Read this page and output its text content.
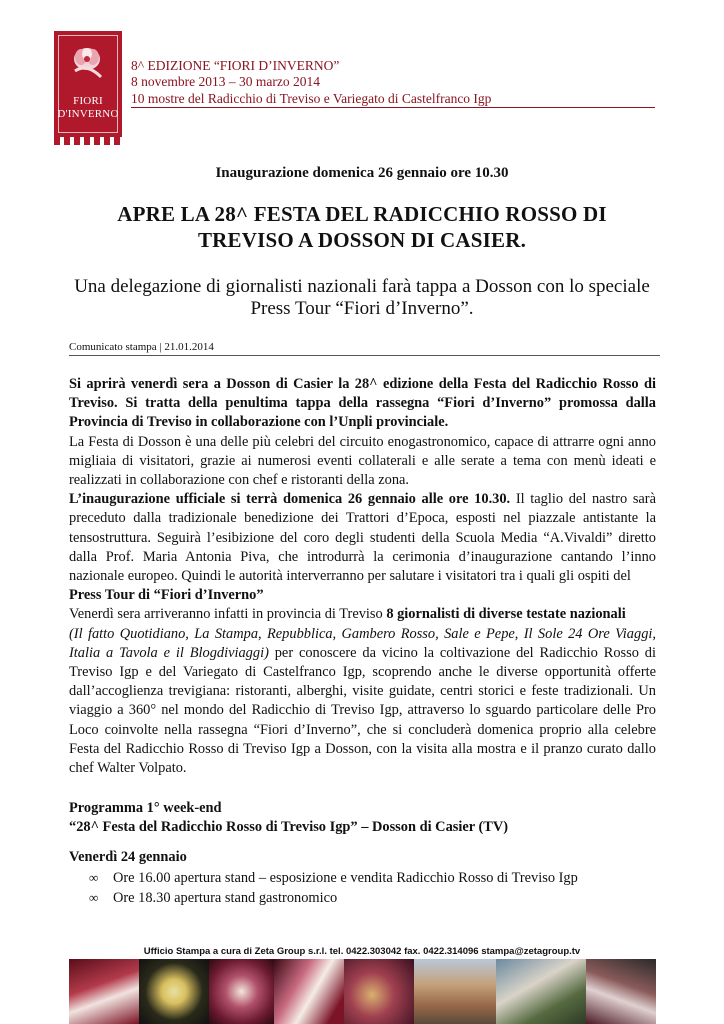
FIORI
D'INVERNO
8^ EDIZIONE “FIORI D’INVERNO”
8 novembre 2013 – 30 marzo 2014
10 mostre del Radicchio di Treviso e Variegato di Castelfranco Igp
Inaugurazione domenica 26 gennaio ore 10.30
APRE LA 28^ FESTA DEL RADICCHIO ROSSO DI
TREVISO A DOSSON DI CASIER.
Una delegazione di giornalisti nazionali farà tappa a Dosson con lo speciale
Press Tour “Fiori d’Inverno”.
Comunicato stampa | 21.01.2014

Si aprirà venerdì sera a Dosson di Casier la 28^ edizione della Festa del Radicchio Rosso di Treviso. Si tratta della penultima tappa della rassegna “Fiori d’Inverno” promossa dalla Provincia di Treviso in collaborazione con l’Unpli provinciale.

La Festa di Dosson è una delle più celebri del circuito enogastronomico, capace di attrarre ogni anno migliaia di visitatori, grazie ai numerosi eventi collaterali e alle serate a tema con menù ideati e realizzati in collaborazione con chef e ristoranti della zona.

L’inaugurazione ufficiale si terrà domenica 26 gennaio alle ore 10.30. Il taglio del nastro sarà preceduto dalla tradizionale benedizione dei Trattori d’Epoca, esposti nel piazzale antistante la tensostruttura. Seguirà l’esibizione del coro degli studenti della Scuola Media “A.Vivaldi” diretto dalla Prof. Maria Antonia Piva, che introdurrà la cerimonia d’inaugurazione cantando l’inno nazionale europeo. Quindi le autorità interverranno per salutare i visitatori tra i quali gli ospiti del

Press Tour di “Fiori d’Inverno”

Venerdì sera arriveranno infatti in provincia di Treviso 8 giornalisti di diverse testate nazionali
(Il fatto Quotidiano, La Stampa, Repubblica, Gambero Rosso, Sale e Pepe, Il Sole 24 Ore Viaggi, Italia a Tavola e il Blogdiviaggi) per conoscere da vicino la coltivazione del Radicchio Rosso di Treviso Igp e del Variegato di Castelfranco Igp, scoprendo anche le diverse opportunità offerte dall’accoglienza trevigiana: ristoranti, alberghi, visite guidate, centri storici e feste tradizionali. Un viaggio a 360° nel mondo del Radicchio di Treviso Igp, attraverso lo sguardo particolare delle Pro Loco coinvolte nella rassegna “Fiori d’Inverno”, che si concluderà domenica proprio alla celebre Festa del Radicchio Rosso di Treviso Igp a Dosson, con la visita alla mostra e il pranzo curato dallo chef Walter Volpato.

Programma 1° week-end
“28^ Festa del Radicchio Rosso di Treviso Igp” – Dosson di Casier (TV)
Venerdì 24 gennaio
∞	Ore 16.00 apertura stand – esposizione e vendita Radicchio Rosso di Treviso Igp
∞	Ore 18.30 apertura stand gastronomico
Ufficio Stampa a cura di Zeta Group s.r.l. tel. 0422.303042 fax. 0422.314096 stampa@zetagroup.tv
